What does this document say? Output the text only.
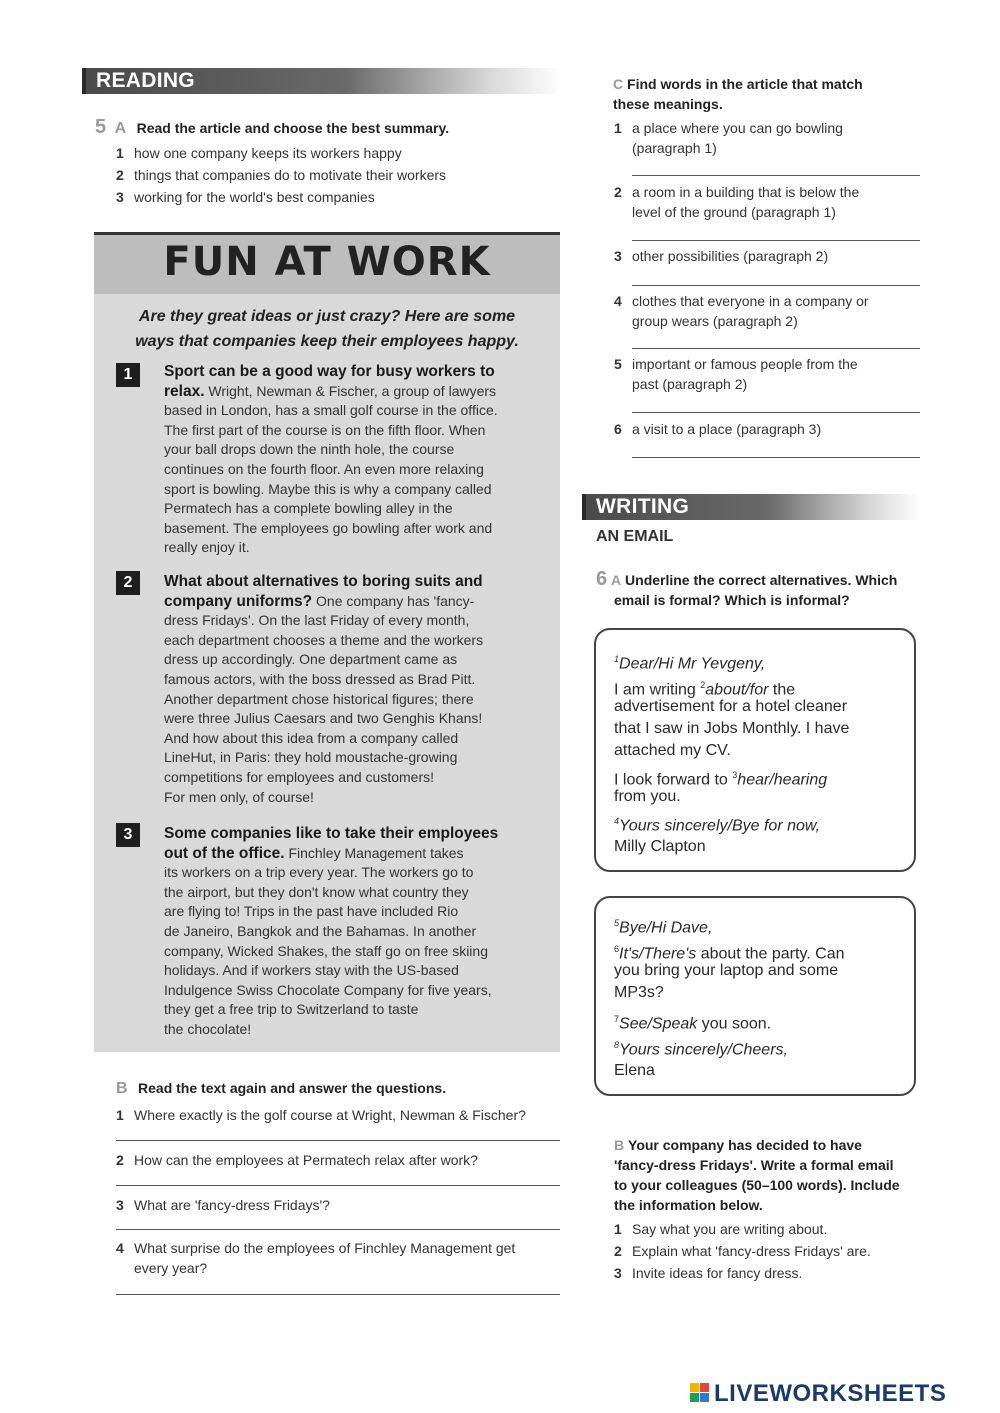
READING
5 A Read the article and choose the best summary.
1 how one company keeps its workers happy
2 things that companies do to motivate their workers
3 working for the world's best companies
FUN AT WORK
Are they great ideas or just crazy? Here are some
ways that companies keep their employees happy.
1	Sport can be a good way for busy workers to
relax. Wright, Newman & Fischer, a group of lawyers
based in London, has a small golf course in the office.
The first part of the course is on the fifth floor. When
your ball drops down the ninth hole, the course
continues on the fourth floor. An even more relaxing
sport is bowling. Maybe this is why a company called
Permatech has a complete bowling alley in the
basement. The employees go bowling after work and
really enjoy it.
2	What about alternatives to boring suits and
company uniforms? One company has 'fancy-
dress Fridays'. On the last Friday of every month,
each department chooses a theme and the workers
dress up accordingly. One department came as
famous actors, with the boss dressed as Brad Pitt.
Another department chose historical figures; there
were three Julius Caesars and two Genghis Khans!
And how about this idea from a company called
LineHut, in Paris: they hold moustache-growing
competitions for employees and customers!
For men only, of course!
3	Some companies like to take their employees
out of the office. Finchley Management takes
its workers on a trip every year. The workers go to
the airport, but they don't know what country they
are flying to! Trips in the past have included Rio
de Janeiro, Bangkok and the Bahamas. In another
company, Wicked Shakes, the staff go on free skiing
holidays. And if workers stay with the US-based
Indulgence Swiss Chocolate Company for five years,
they get a free trip to Switzerland to taste
the chocolate!
B Read the text again and answer the questions.
1 Where exactly is the golf course at Wright, Newman & Fischer?
2 How can the employees at Permatech relax after work?
3 What are 'fancy-dress Fridays'?
4 What surprise do the employees of Finchley Management get
every year?
C Find words in the article that match
these meanings.
1 a place where you can go bowling
(paragraph 1)
2 a room in a building that is below the
level of the ground (paragraph 1)
3 other possibilities (paragraph 2)
4 clothes that everyone in a company or
group wears (paragraph 2)
5 important or famous people from the
past (paragraph 2)
6 a visit to a place (paragraph 3)
WRITING
AN EMAIL
6 A Underline the correct alternatives. Which
email is formal? Which is informal?
$^1$Dear/Hi Mr Yevgeny,
I am writing $^2$about/for the
advertisement for a hotel cleaner
that I saw in Jobs Monthly. I have
attached my CV.
I look forward to $^3$hear/hearing
from you.
$^4$Yours sincerely/Bye for now,
Milly Clapton
$^5$Bye/Hi Dave,
$^6$It's/There's about the party. Can
you bring your laptop and some
MP3s?
$^7$See/Speak you soon.
$^8$Yours sincerely/Cheers,
Elena
B Your company has decided to have
'fancy-dress Fridays'. Write a formal email
to your colleagues (50–100 words). Include
the information below.
1 Say what you are writing about.
2 Explain what 'fancy-dress Fridays' are.
3 Invite ideas for fancy dress.
LIVEWORKSHEETS
